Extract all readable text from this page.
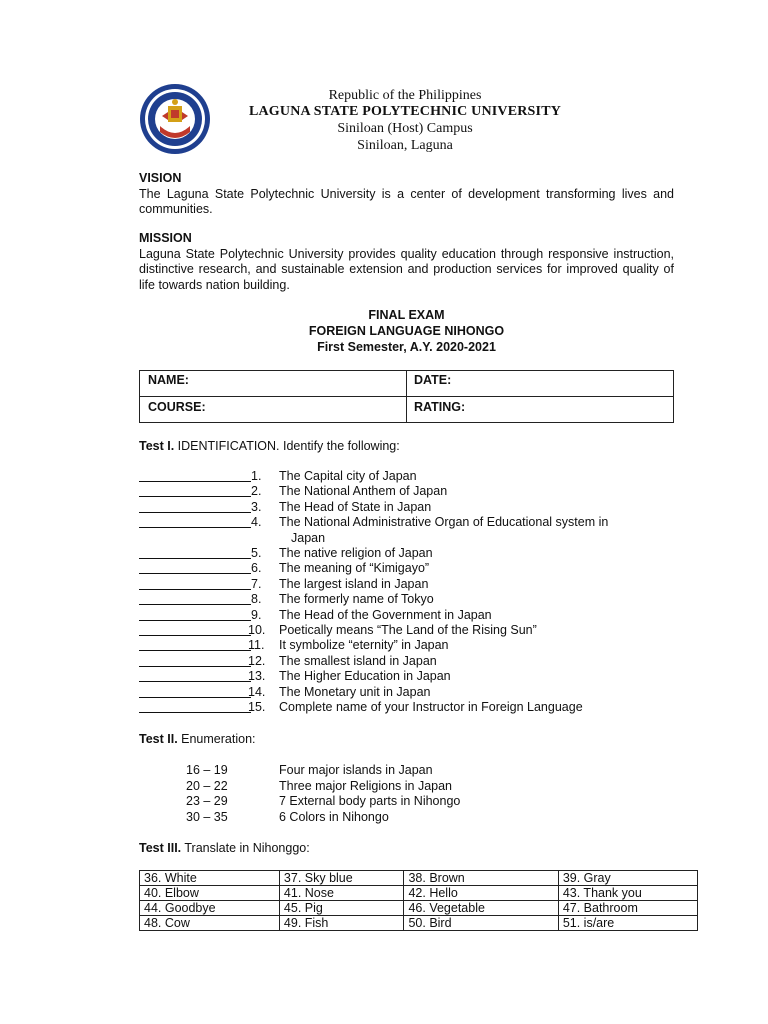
Republic of the Philippines
LAGUNA STATE POLYTECHNIC UNIVERSITY
Siniloan (Host) Campus
Siniloan, Laguna
VISION
The Laguna State Polytechnic University is a center of development transforming lives and communities.
MISSION
Laguna State Polytechnic University provides quality education through responsive instruction, distinctive research, and sustainable extension and production services for improved quality of life towards nation building.
FINAL EXAM
FOREIGN LANGUAGE NIHONGO
First Semester, A.Y. 2020-2021
NAME:	DATE:
COURSE:	RATING:
Test I. IDENTIFICATION. Identify the following:
1. The Capital city of Japan
2. The National Anthem of Japan
3. The Head of State in Japan
4. The National Administrative Organ of Educational system in
Japan
5. The native religion of Japan
6. The meaning of “Kimigayo”
7. The largest island in Japan
8. The formerly name of Tokyo
9. The Head of the Government in Japan
10. Poetically means “The Land of the Rising Sun”
11. It symbolize “eternity” in Japan
12. The smallest island in Japan
13. The Higher Education in Japan
14. The Monetary unit in Japan
15. Complete name of your Instructor in Foreign Language
Test II. Enumeration:
16 – 19	Four major islands in Japan
20 – 22	Three major Religions in Japan
23 – 29	7 External body parts in Nihongo
30 – 35	6 Colors in Nihongo
Test III. Translate in Nihonggo:
36. White	37. Sky blue	38. Brown	39. Gray
40. Elbow	41. Nose	42. Hello	43. Thank you
44. Goodbye	45. Pig	46. Vegetable	47. Bathroom
48. Cow	49. Fish	50. Bird	51. is/are
